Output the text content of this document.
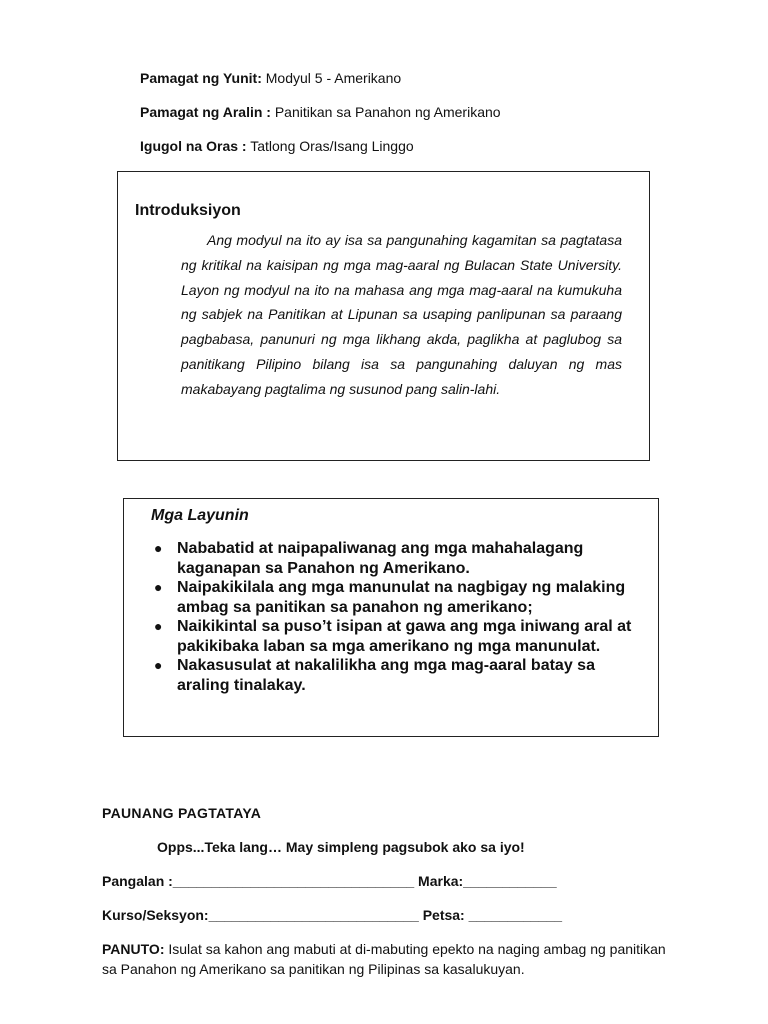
Pamagat ng Yunit: Modyul 5 - Amerikano
Pamagat ng Aralin : Panitikan sa Panahon ng Amerikano
Igugol na Oras : Tatlong Oras/Isang Linggo
Introduksiyon

Ang modyul na ito ay isa sa pangunahing kagamitan sa pagtatasa ng kritikal na kaisipan ng mga mag-aaral ng Bulacan State University. Layon ng modyul na ito na mahasa ang mga mag-aaral na kumukuha ng sabjek na Panitikan at Lipunan sa usaping panlipunan sa paraang pagbabasa, panunuri ng mga likhang akda, paglikha at paglubog sa panitikang Pilipino bilang isa sa pangunahing daluyan ng mas makabayang pagtalima ng susunod pang salin-lahi.

Mga Layunin
● Nababatid at naipapaliwanag ang mga mahahalagang kaganapan sa Panahon ng Amerikano.
● Naipakikilala ang mga manunulat na nagbigay ng malaking ambag sa panitikan sa panahon ng amerikano;
● Naikikintal sa puso’t isipan at gawa ang mga iniwang aral at pakikibaka laban sa mga amerikano ng mga manunulat.
● Nakasusulat at nakalilikha ang mga mag-aaral batay sa araling tinalakay.
PAUNANG PAGTATAYA
Opps...Teka lang… May simpleng pagsubok ako sa iyo!
Pangalan :_______________________________ Marka:____________
Kurso/Seksyon:___________________________ Petsa: ____________

PANUTO: Isulat sa kahon ang mabuti at di-mabuting epekto na naging ambag ng panitikan sa Panahon ng Amerikano sa panitikan ng Pilipinas sa kasalukuyan.
